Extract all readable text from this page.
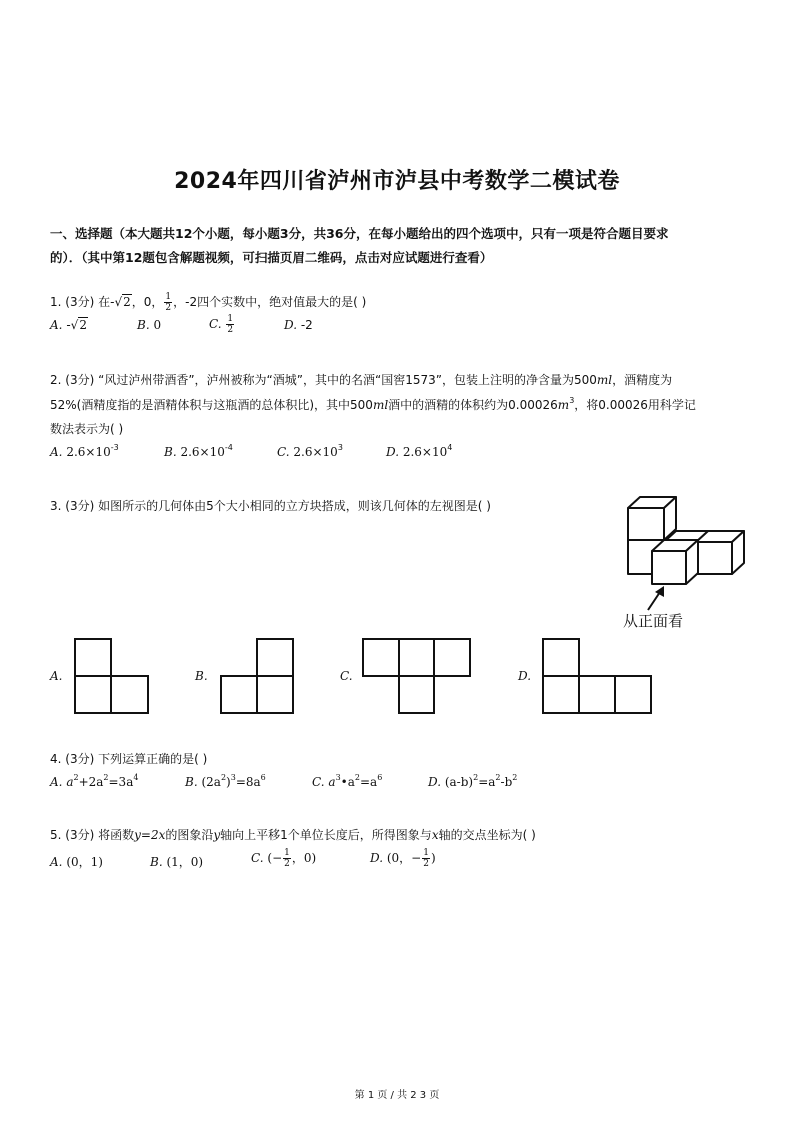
2024年四川省泸州市泸县中考数学二模试卷
一、选择题（本大题共12个小题，每小题3分，共36分，在每小题给出的四个选项中，只有一项是符合题目要求
的）．（其中第12题包含解题视频，可扫描页眉二维码，点击对应试题进行查看）
1. (3分) 在-√2，0， $\frac{1}{2}$ ，-2四个实数中，绝对值最大的是( )
A. -√2	B. 0	C. $\frac{1}{2}$	D. -2
2. (3分) “风过泸州带酒香”，泸州被称为“酒城”，其中的名酒“国窖1573”，包装上注明的净含量为500ml，酒精度为
52%(酒精度指的是酒精体积与这瓶酒的总体积比)，其中500ml酒中的酒精的体积约为$0.00026m^3$，将0.00026用科学记
数法表示为( )
A. $2.6\times 10^{-3}$	B. $2.6\times 10^{-4}$	C. $2.6\times 10^3$	D. $2.6\times 10^4$
3. (3分) 如图所示的几何体由5个大小相同的立方块搭成，则该几何体的左视图是( )
从正面看
A.	B.	C.	D.
4. (3分) 下列运算正确的是( )
A. $a^2+2a^2=3a^4$	B. $(2a^2)^3=8a^6$	C. $a^3•a^2=a^6$	D. $(a-b)^2=a^2-b^2$
5. (3分) 将函数y=2x的图象沿y轴向上平移1个单位长度后，所得图象与x轴的交点坐标为( )
A. (0，1)	B. (1，0)	C. (− $\frac{1}{2}$ ，0)	D. (0，− $\frac{1}{2}$ )
第 1 页 / 共 2 3 页
